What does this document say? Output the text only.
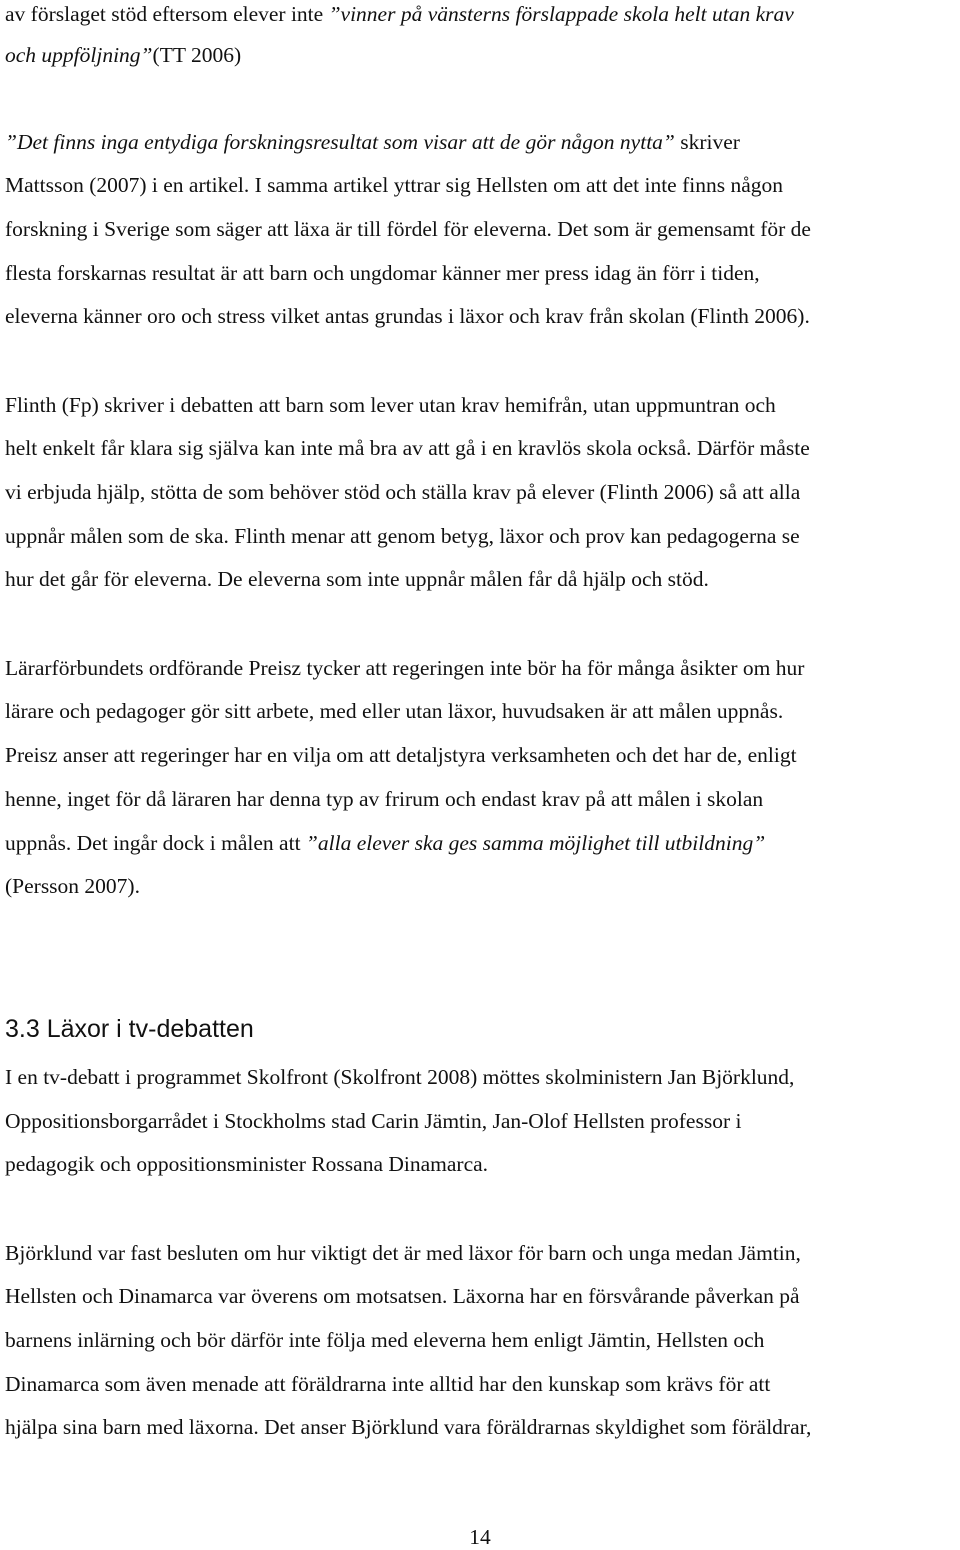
av förslaget stöd eftersom elever inte ”vinner på vänsterns förslappade skola helt utan krav
och uppföljning”(TT 2006)
”Det finns inga entydiga forskningsresultat som visar att de gör någon nytta” skriver
Mattsson (2007) i en artikel. I samma artikel yttrar sig Hellsten om att det inte finns någon
forskning i Sverige som säger att läxa är till fördel för eleverna. Det som är gemensamt för de
flesta forskarnas resultat är att barn och ungdomar känner mer press idag än förr i tiden,
eleverna känner oro och stress vilket antas grundas i läxor och krav från skolan (Flinth 2006).
Flinth (Fp) skriver i debatten att barn som lever utan krav hemifrån, utan uppmuntran och
helt enkelt får klara sig själva kan inte må bra av att gå i en kravlös skola också. Därför måste
vi erbjuda hjälp, stötta de som behöver stöd och ställa krav på elever (Flinth 2006) så att alla
uppnår målen som de ska. Flinth menar att genom betyg, läxor och prov kan pedagogerna se
hur det går för eleverna. De eleverna som inte uppnår målen får då hjälp och stöd.
Lärarförbundets ordförande Preisz tycker att regeringen inte bör ha för många åsikter om hur
lärare och pedagoger gör sitt arbete, med eller utan läxor, huvudsaken är att målen uppnås.
Preisz anser att regeringer har en vilja om att detaljstyra verksamheten och det har de, enligt
henne, inget för då läraren har denna typ av frirum och endast krav på att målen i skolan
uppnås. Det ingår dock i målen att ”alla elever ska ges samma möjlighet till utbildning”
(Persson 2007).
3.3 Läxor i tv-debatten
I en tv-debatt i programmet Skolfront (Skolfront 2008) möttes skolministern Jan Björklund,
Oppositionsborgarrådet i Stockholms stad Carin Jämtin, Jan-Olof Hellsten professor i
pedagogik och oppositionsminister Rossana Dinamarca.
Björklund var fast besluten om hur viktigt det är med läxor för barn och unga medan Jämtin,
Hellsten och Dinamarca var överens om motsatsen. Läxorna har en försvårande påverkan på
barnens inlärning och bör därför inte följa med eleverna hem enligt Jämtin, Hellsten och
Dinamarca som även menade att föräldrarna inte alltid har den kunskap som krävs för att
hjälpa sina barn med läxorna. Det anser Björklund vara föräldrarnas skyldighet som föräldrar,
14
